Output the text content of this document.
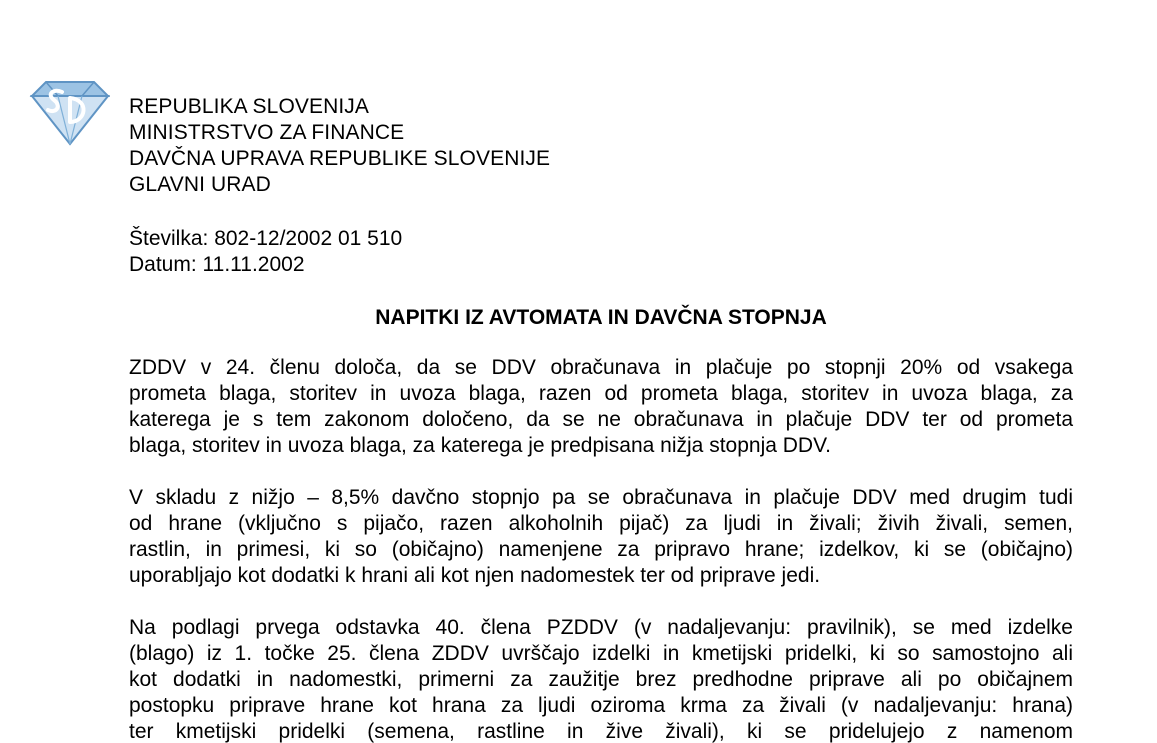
REPUBLIKA SLOVENIJA
MINISTRSTVO ZA FINANCE
DAVČNA UPRAVA REPUBLIKE SLOVENIJE
GLAVNI URAD
Številka: 802-12/2002 01 510
Datum: 11.11.2002
NAPITKI IZ AVTOMATA IN DAVČNA STOPNJA
ZDDV v 24. členu določa, da se DDV obračunava in plačuje po stopnji 20% od vsakega
prometa blaga, storitev in uvoza blaga, razen od prometa blaga, storitev in uvoza blaga, za
katerega je s tem zakonom določeno, da se ne obračunava in plačuje DDV ter od prometa
blaga, storitev in uvoza blaga, za katerega je predpisana nižja stopnja DDV.
V skladu z nižjo – 8,5% davčno stopnjo pa se obračunava in plačuje DDV med drugim tudi
od hrane (vključno s pijačo, razen alkoholnih pijač) za ljudi in živali; živih živali, semen,
rastlin, in primesi, ki so (običajno) namenjene za pripravo hrane; izdelkov, ki se (običajno)
uporabljajo kot dodatki k hrani ali kot njen nadomestek ter od priprave jedi.
Na podlagi prvega odstavka 40. člena PZDDV (v nadaljevanju: pravilnik), se med izdelke
(blago) iz 1. točke 25. člena ZDDV uvrščajo izdelki in kmetijski pridelki, ki so samostojno ali
kot dodatki in nadomestki, primerni za zaužitje brez predhodne priprave ali po običajnem
postopku priprave hrane kot hrana za ljudi oziroma krma za živali (v nadaljevanju: hrana)
ter kmetijski pridelki (semena, rastline in žive živali), ki se pridelujejo z namenom
